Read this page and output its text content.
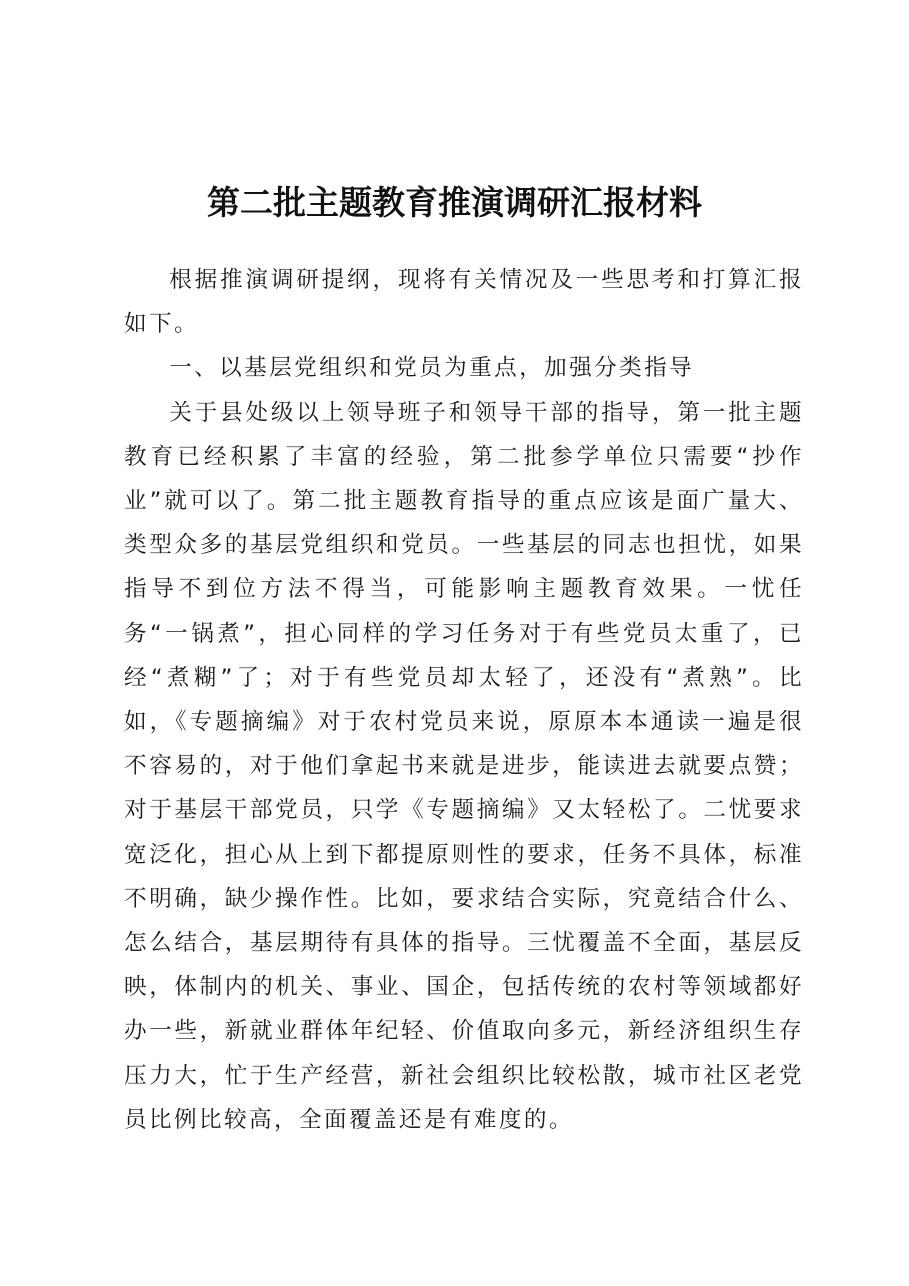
第二批主题教育推演调研汇报材料

根据推演调研提纲，现将有关情况及一些思考和打算汇报如下。

一、以基层党组织和党员为重点，加强分类指导

关于县处级以上领导班子和领导干部的指导，第一批主题教育已经积累了丰富的经验，第二批参学单位只需要“抄作业”就可以了。第二批主题教育指导的重点应该是面广量大、类型众多的基层党组织和党员。一些基层的同志也担忧，如果指导不到位方法不得当，可能影响主题教育效果。一忧任务“一锅煮”，担心同样的学习任务对于有些党员太重了，已经“煮糊”了；对于有些党员却太轻了，还没有“煮熟”。比如，《专题摘编》对于农村党员来说，原原本本通读一遍是很不容易的，对于他们拿起书来就是进步，能读进去就要点赞；对于基层干部党员，只学《专题摘编》又太轻松了。二忧要求宽泛化，担心从上到下都提原则性的要求，任务不具体，标准不明确，缺少操作性。比如，要求结合实际，究竟结合什么、怎么结合，基层期待有具体的指导。三忧覆盖不全面，基层反映，体制内的机关、事业、国企，包括传统的农村等领域都好办一些，新就业群体年纪轻、价值取向多元，新经济组织生存压力大，忙于生产经营，新社会组织比较松散，城市社区老党员比例比较高，全面覆盖还是有难度的。
